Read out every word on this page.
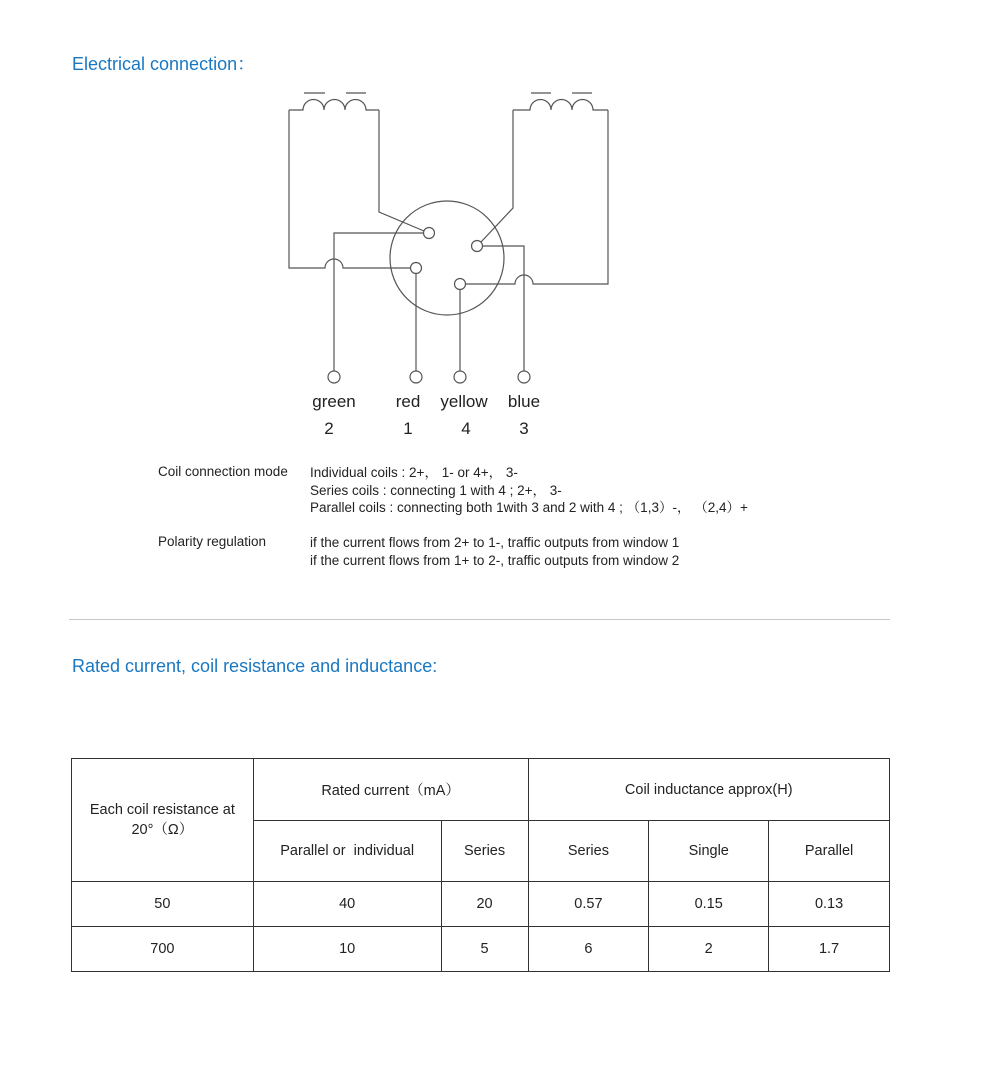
Electrical connection：
green	red	yellow	blue
2	1	4	3
Coil connection mode Individual coils : 2+， 1- or 4+， 3-
Series coils : connecting 1 with 4 ; 2+， 3-
Parallel coils : connecting both 1with 3 and 2 with 4 ; （1,3）-， （2,4）+
Polarity regulation	if the current flows from 2+ to 1-, traffic outputs from window 1
if the current flows from 1+ to 2-, traffic outputs from window 2
Rated current, coil resistance and inductance:
Each coil resistance at
20°（Ω）	Rated current（mA）		Coil inductance approx(H)		
	Parallel or  individual	Series	Series	Single	Parallel
50	40	20	0.57	0.15	0.13
700	10	5	6	2	1.7
